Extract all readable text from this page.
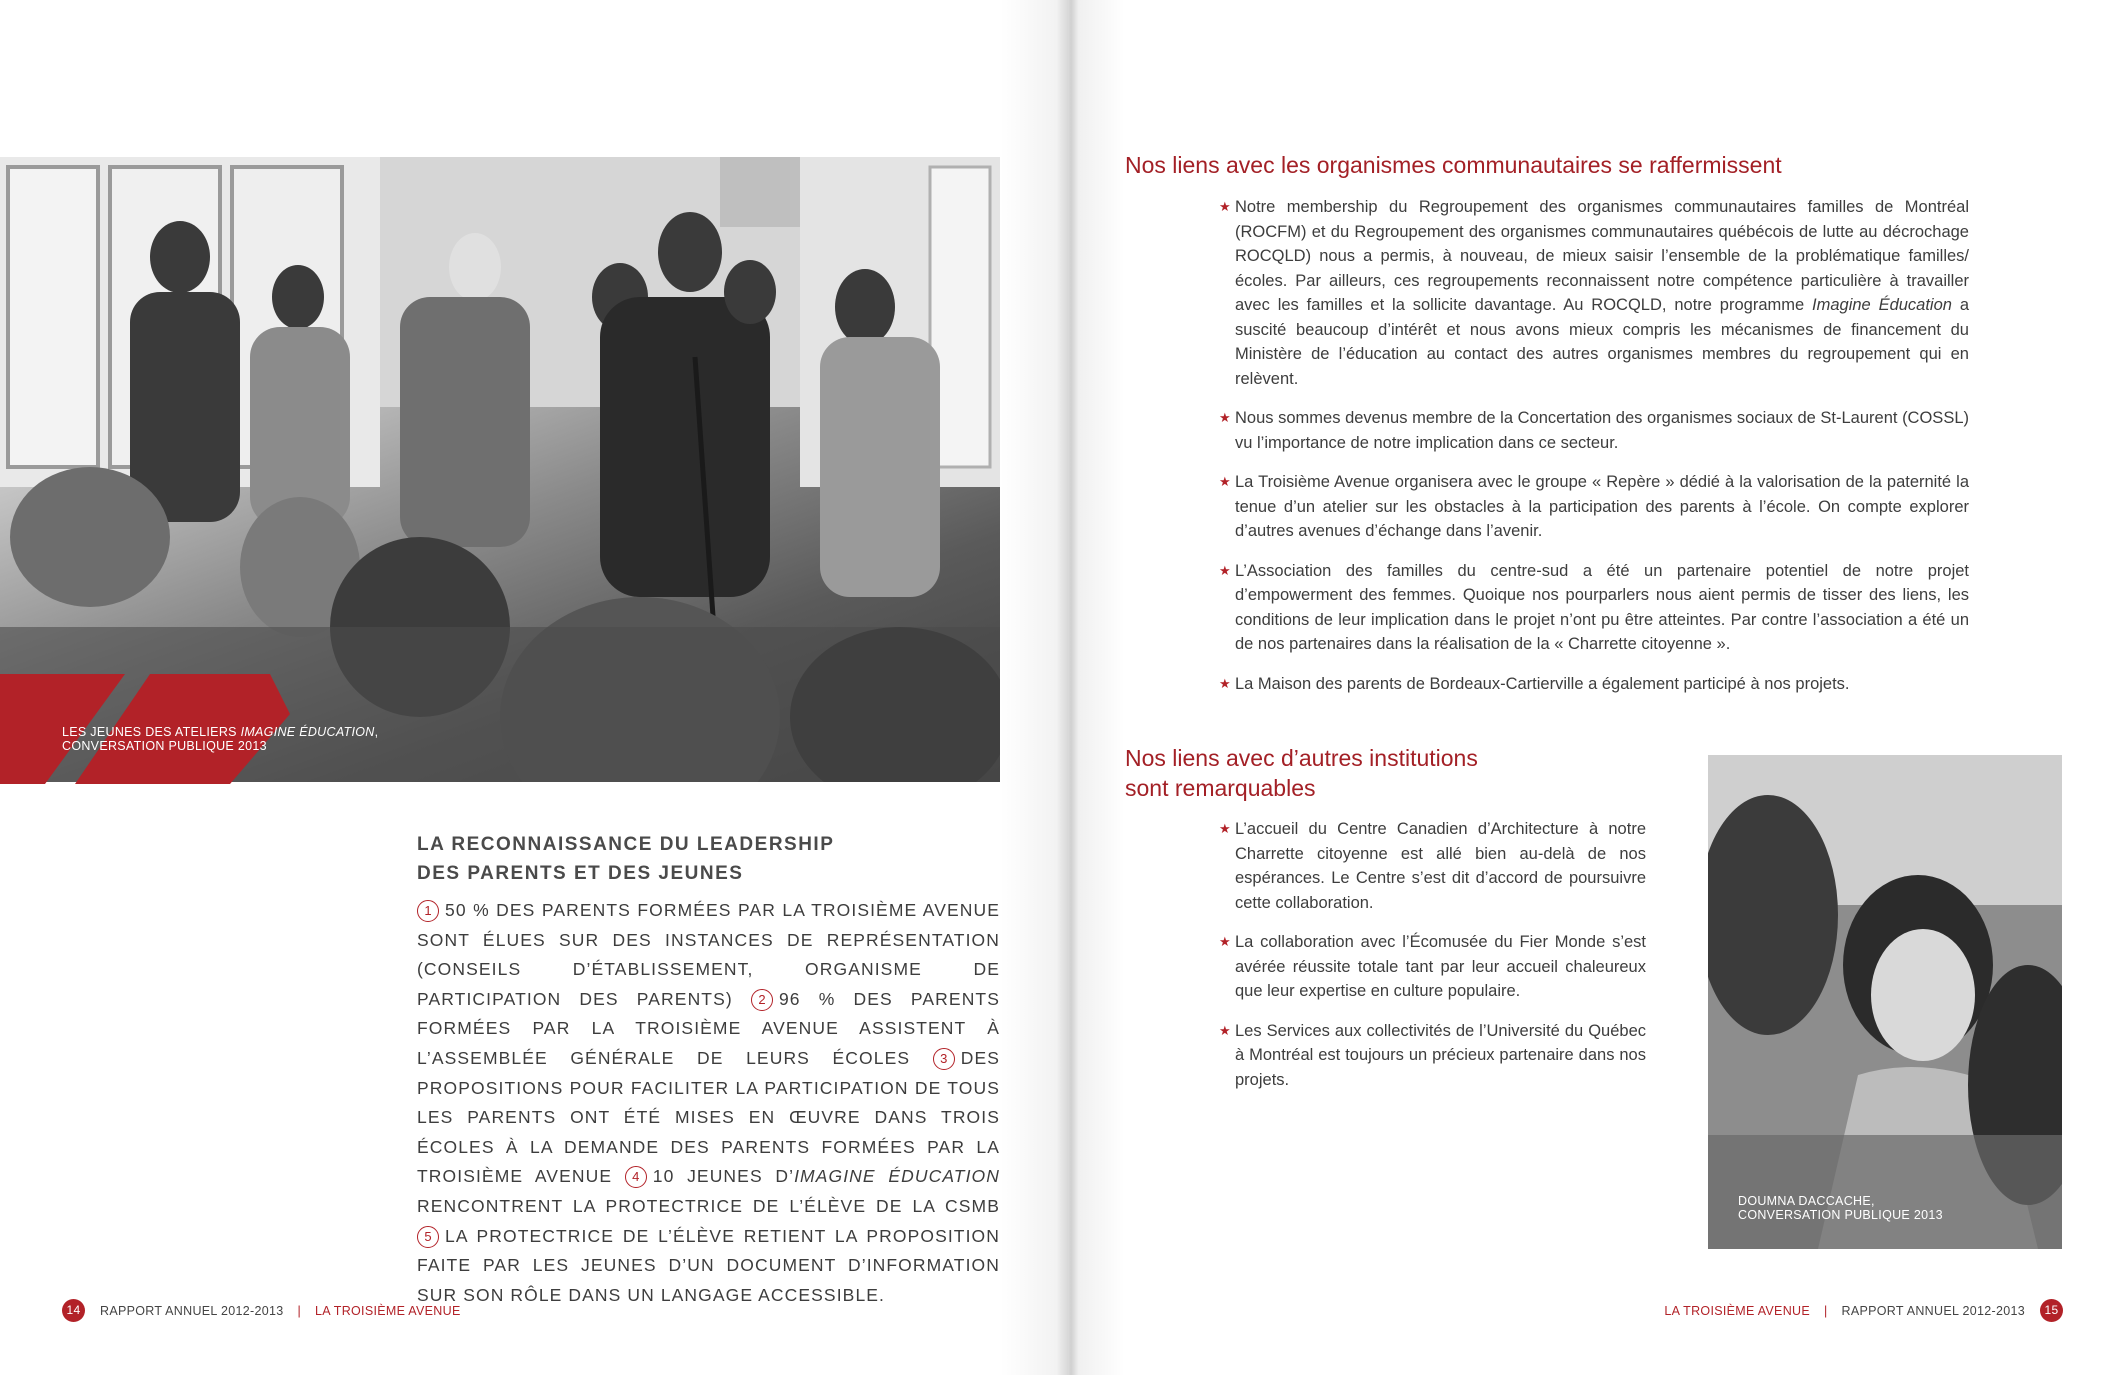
LES JEUNES DES ATELIERS IMAGINE ÉDUCATION,
CONVERSATION PUBLIQUE 2013
LA RECONNAISSANCE DU LEADERSHIP
DES PARENTS ET DES JEUNES

1 50 % DES PARENTS FORMÉES PAR LA TROISIÈME AVENUE SONT ÉLUES SUR DES INSTANCES DE REPRÉSENTATION (CONSEILS D’ÉTABLISSEMENT, ORGANISME DE PARTICIPATION DES PARENTS) 2 96 % DES PARENTS FORMÉES PAR LA TROISIÈME AVENUE ASSISTENT À L’ASSEMBLÉE GÉNÉRALE DE LEURS ÉCOLES 3 DES PROPOSITIONS POUR FACILITER LA PARTICIPATION DE TOUS LES PARENTS ONT ÉTÉ MISES EN ŒUVRE DANS TROIS ÉCOLES À LA DEMANDE DES PARENTS FORMÉES PAR LA TROISIÈME AVENUE 4 10 JEUNES D’IMAGINE ÉDUCATION RENCONTRENT LA PROTECTRICE DE L’ÉLÈVE DE LA CSMB 5 LA PROTECTRICE DE L’ÉLÈVE RETIENT LA PROPOSITION FAITE PAR LES JEUNES D’UN DOCUMENT D’INFORMATION SUR SON RÔLE DANS UN LANGAGE ACCESSIBLE.

14	RAPPORT ANNUEL 2012-2013 | LA TROISIÈME AVENUE
Nos liens avec les organismes communautaires se raffermissent
★ Notre membership du Regroupement des organismes communautaires familles de Montréal (ROCFM) et du Regroupement des organismes communautaires québécois de lutte au décrochage ROCQLD) nous a permis, à nouveau, de mieux saisir l’ensemble de la problématique familles/écoles. Par ailleurs, ces regroupements reconnaissent notre compétence particulière à travailler avec les familles et la sollicite davantage. Au ROCQLD, notre programme Imagine Éducation a suscité beaucoup d’intérêt et nous avons mieux compris les mécanismes de financement du Ministère de l’éducation au contact des autres organismes membres du regroupement qui en relèvent.
★ Nous sommes devenus membre de la Concertation des organismes sociaux de St-Laurent (COSSL) vu l’importance de notre implication dans ce secteur.
★ La Troisième Avenue organisera avec le groupe « Repère » dédié à la valorisation de la paternité la tenue d’un atelier sur les obstacles à la participation des parents à l’école. On compte explorer d’autres avenues d’échange dans l’avenir.
★ L’Association des familles du centre-sud a été un partenaire potentiel de notre projet d’empowerment des femmes. Quoique nos pourparlers nous aient permis de tisser des liens, les conditions de leur implication dans le projet n’ont pu être atteintes. Par contre l’association a été un de nos partenaires dans la réalisation de la « Charrette citoyenne ».
★ La Maison des parents de Bordeaux-Cartierville a également participé à nos projets.
Nos liens avec d’autres institutions
sont remarquables
★ L’accueil du Centre Canadien d’Architecture à notre Charrette citoyenne est allé bien au-delà de nos espérances. Le Centre s’est dit d’accord de poursuivre cette collaboration.
★ La collaboration avec l’Écomusée du Fier Monde s’est avérée réussite totale tant par leur accueil chaleureux que leur expertise en culture populaire.
★ Les Services aux collectivités de l’Université du Québec à Montréal est toujours un précieux partenaire dans nos projets.
DOUMNA DACCACHE,
CONVERSATION PUBLIQUE 2013
LA TROISIÈME AVENUE | RAPPORT ANNUEL 2012-2013	15
